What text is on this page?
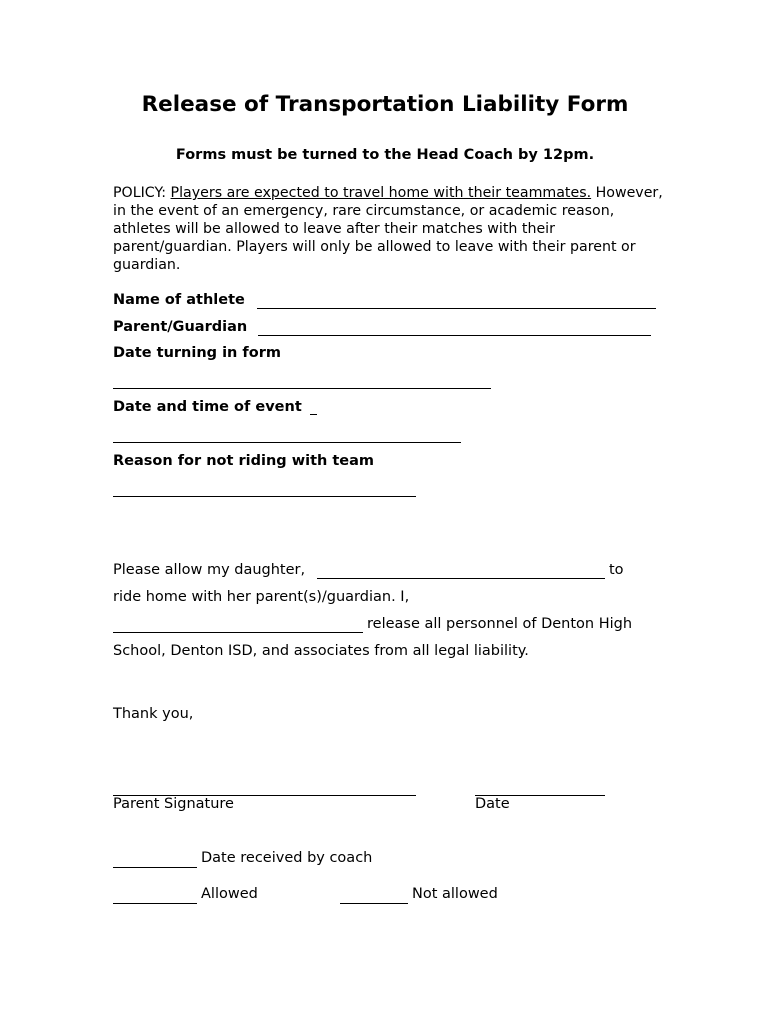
Release of Transportation Liability Form
Forms must be turned to the Head Coach by 12pm.
POLICY: Players are expected to travel home with their teammates. However, in the event of an emergency, rare circumstance, or academic reason, athletes will be allowed to leave after their matches with their parent/guardian. Players will only be allowed to leave with their parent or guardian.
Name of athlete
Parent/Guardian
Date turning in form
Date and time of event
Reason for not riding with team
Please allow my daughter,	to
ride home with her parent(s)/guardian. I,
release all personnel of Denton High
School, Denton ISD, and associates from all legal liability.
Thank you,
Parent Signature	Date
Date received by coach
Allowed	Not allowed
